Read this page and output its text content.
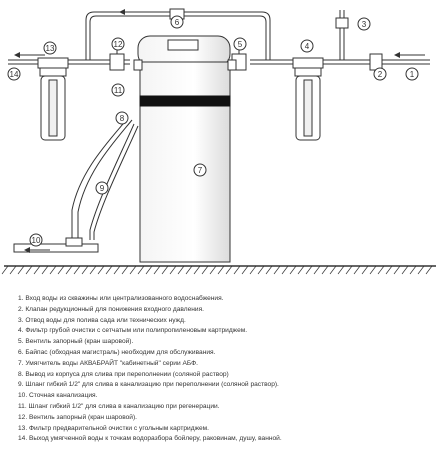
1
2
3
4
5
6
7
8
9
10
11
12
13
14
1. Вход воды из скважины или централизованного водоснабжения.
2. Клапан редукционный для понижения входного давления.
3. Отвод воды для полива сада или технических нужд.
4. Фильтр грубой очистки с сетчатым или полипропиленовым картриджем.
5. Вентиль запорный (кран шаровой).
6. Байпас (обходная магистраль) необходим для обслуживания.
7. Умягчитель воды АКВАБРАЙТ "кабинетный" серии АБФ.
8. Вывод из корпуса для слива при переполнении (соляной раствор)
9. Шланг гибкий 1/2" для слива в канализацию при переполнении (соляной раствор).
10. Сточная канализация.
11. Шланг гибкий 1/2" для слива в канализацию при регенерации.
12. Вентиль запорный (кран шаровой).
13. Фильтр предварительной очистки с угольным картриджем.
14. Выход умягченной воды к точкам водоразбора бойлеру, раковинам, душу, ванной.
